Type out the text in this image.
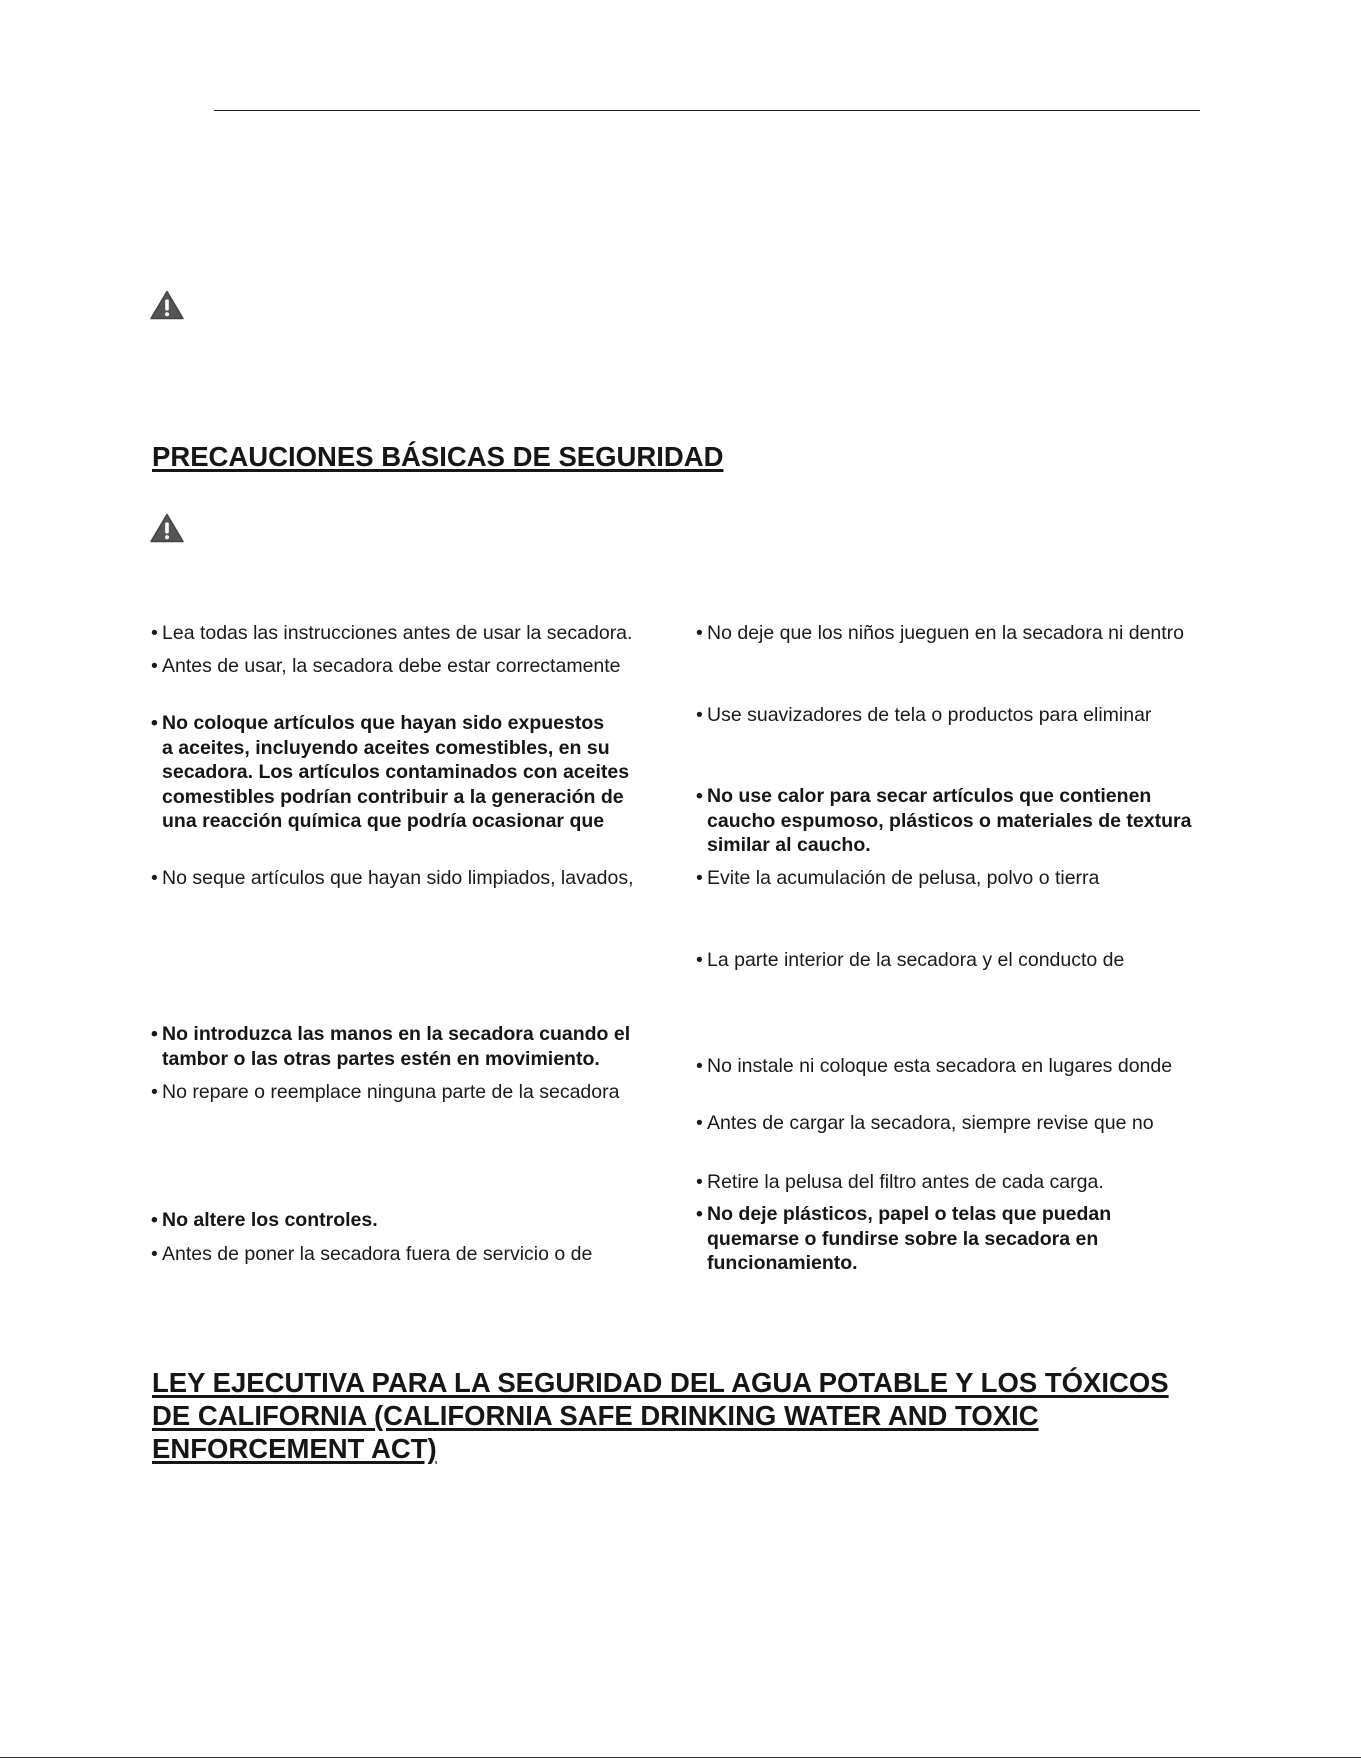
PRECAUCIONES BÁSICAS DE SEGURIDAD
• Lea todas las instrucciones antes de usar la secadora.
• Antes de usar, la secadora debe estar correctamente
• No coloque artículos que hayan sido expuestos
a aceites, incluyendo aceites comestibles, en su
secadora. Los artículos contaminados con aceites
comestibles podrían contribuir a la generación de
una reacción química que podría ocasionar que
• No seque artículos que hayan sido limpiados, lavados,
• No introduzca las manos en la secadora cuando el
tambor o las otras partes estén en movimiento.
• No repare o reemplace ninguna parte de la secadora
• No altere los controles.
• Antes de poner la secadora fuera de servicio o de
• No deje que los niños jueguen en la secadora ni dentro
• Use suavizadores de tela o productos para eliminar
• No use calor para secar artículos que contienen
caucho espumoso, plásticos o materiales de textura
similar al caucho.
• Evite la acumulación de pelusa, polvo o tierra
• La parte interior de la secadora y el conducto de
• No instale ni coloque esta secadora en lugares donde
• Antes de cargar la secadora, siempre revise que no
• Retire la pelusa del filtro antes de cada carga.
• No deje plásticos, papel o telas que puedan
quemarse o fundirse sobre la secadora en
funcionamiento.
LEY EJECUTIVA PARA LA SEGURIDAD DEL AGUA POTABLE Y LOS TÓXICOS
DE CALIFORNIA (CALIFORNIA SAFE DRINKING WATER AND TOXIC
ENFORCEMENT ACT)
